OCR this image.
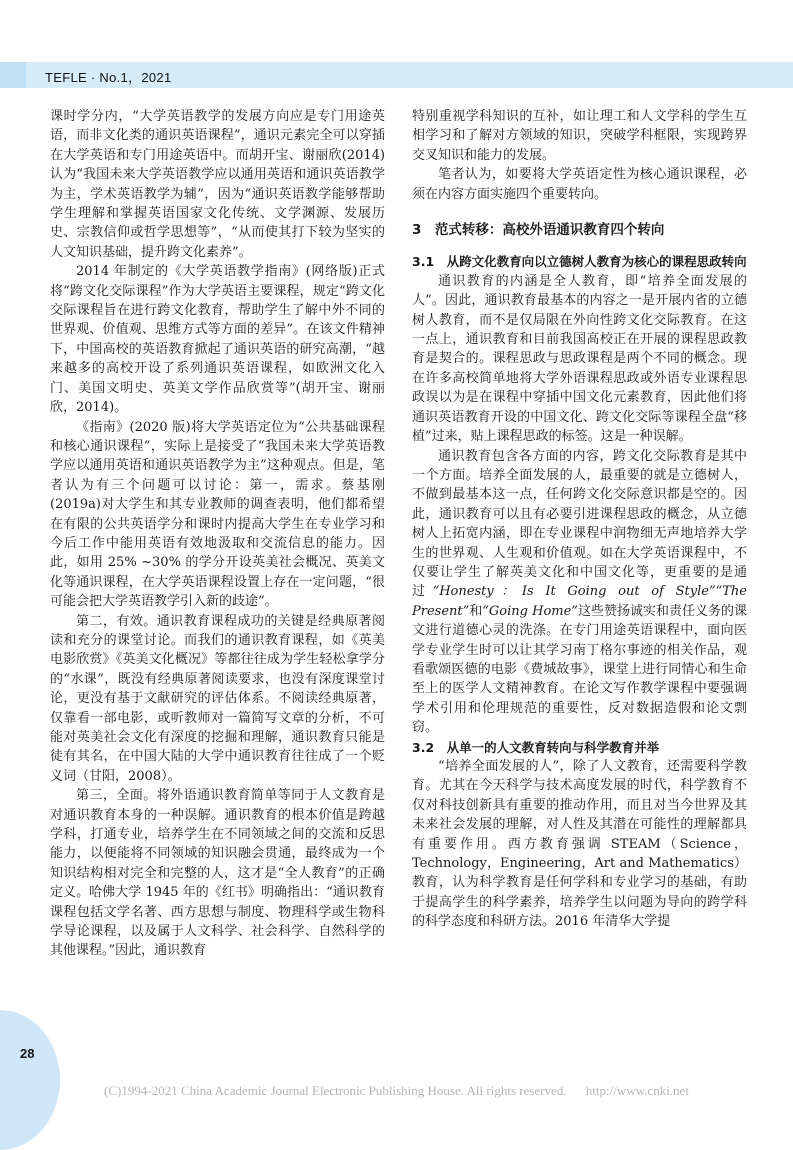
TEFLE · No.1，2021

课时学分内，“大学英语教学的发展方向应是专门用途英语，而非文化类的通识英语课程”，通识元素完全可以穿插在大学英语和专门用途英语中。而胡开宝、谢丽欣(2014)认为“我国未来大学英语教学应以通用英语和通识英语教学为主，学术英语教学为辅”，因为“通识英语教学能够帮助学生理解和掌握英语国家文化传统、文学渊源、发展历史、宗教信仰或哲学思想等”，“从而使其打下较为坚实的人文知识基础，提升跨文化素养”。

2014 年制定的《大学英语教学指南》(网络版)正式将“跨文化交际课程”作为大学英语主要课程，规定“跨文化交际课程旨在进行跨文化教育，帮助学生了解中外不同的世界观、价值观、思维方式等方面的差异”。在该文件精神下，中国高校的英语教育掀起了通识英语的研究高潮，“越来越多的高校开设了系列通识英语课程，如欧洲文化入门、美国文明史、英美文学作品欣赏等”(胡开宝、谢丽欣，2014)。

《指南》(2020 版)将大学英语定位为“公共基础课程和核心通识课程”，实际上是接受了“我国未来大学英语教学应以通用英语和通识英语教学为主”这种观点。但是，笔者认为有三个问题可以讨论：第一，需求。蔡基刚(2019a)对大学生和其专业教师的调查表明，他们都希望在有限的公共英语学分和课时内提高大学生在专业学习和今后工作中能用英语有效地汲取和交流信息的能力。因此，如用 25% ~30% 的学分开设英美社会概况、英美文化等通识课程，在大学英语课程设置上存在一定问题，“很可能会把大学英语教学引入新的歧途”。

第二，有效。通识教育课程成功的关键是经典原著阅读和充分的课堂讨论。而我们的通识教育课程，如《英美电影欣赏》《英美文化概况》等都往往成为学生轻松拿学分的“水课”，既没有经典原著阅读要求，也没有深度课堂讨论，更没有基于文献研究的评估体系。不阅读经典原著，仅靠看一部电影，或听教师对一篇简写文章的分析，不可能对英美社会文化有深度的挖掘和理解，通识教育只能是徒有其名，在中国大陆的大学中通识教育往往成了一个贬义词（甘阳，2008）。

第三，全面。将外语通识教育简单等同于人文教育是对通识教育本身的一种误解。通识教育的根本价值是跨越学科，打通专业，培养学生在不同领域之间的交流和反思能力，以便能将不同领域的知识融会贯通，最终成为一个知识结构相对完全和完整的人，这才是“全人教育”的正确定义。哈佛大学 1945 年的《红书》明确指出：“通识教育课程包括文学名著、西方思想与制度、物理科学或生物科学导论课程，以及属于人文科学、社会科学、自然科学的其他课程。”因此，通识教育

特别重视学科知识的互补，如让理工和人文学科的学生互相学习和了解对方领域的知识，突破学科框限，实现跨界交叉知识和能力的发展。

笔者认为，如要将大学英语定性为核心通识课程，必须在内容方面实施四个重要转向。

3　范式转移：高校外语通识教育四个转向
3.1　从跨文化教育向以立德树人教育为核心的课程思政转向

通识教育的内涵是全人教育，即“培养全面发展的人”。因此，通识教育最基本的内容之一是开展内省的立德树人教育，而不是仅局限在外向性跨文化交际教育。在这一点上，通识教育和目前我国高校正在开展的课程思政教育是契合的。课程思政与思政课程是两个不同的概念。现在许多高校简单地将大学外语课程思政或外语专业课程思政误以为是在课程中穿插中国文化元素教育，因此他们将通识英语教育开设的中国文化、跨文化交际等课程全盘“移植”过来，贴上课程思政的标签。这是一种误解。

通识教育包含各方面的内容，跨文化交际教育是其中一个方面。培养全面发展的人，最重要的就是立德树人，不做到最基本这一点，任何跨文化交际意识都是空的。因此，通识教育可以且有必要引进课程思政的概念，从立德树人上拓宽内涵，即在专业课程中润物细无声地培养大学生的世界观、人生观和价值观。如在大学英语课程中，不仅要让学生了解英美文化和中国文化等，更重要的是通过“Honesty：Is It Going out of Style”“The Present”和“Going Home”这些赞扬诚实和责任义务的课文进行道德心灵的洗涤。在专门用途英语课程中，面向医学专业学生时可以让其学习南丁格尔事迹的相关作品，观看歌颂医德的电影《费城故事》，课堂上进行同情心和生命至上的医学人文精神教育。在论文写作教学课程中要强调学术引用和伦理规范的重要性，反对数据造假和论文剽窃。

3.2　从单一的人文教育转向与科学教育并举

“培养全面发展的人”，除了人文教育，还需要科学教育。尤其在今天科学与技术高度发展的时代，科学教育不仅对科技创新具有重要的推动作用，而且对当今世界及其未来社会发展的理解，对人性及其潜在可能性的理解都具有重要作用。西方教育强调 STEAM（Science，Technology，Engineering，Art and Mathematics）教育，认为科学教育是任何学科和专业学习的基础，有助于提高学生的科学素养，培养学生以问题为导向的跨学科的科学态度和科研方法。2016 年清华大学提

28
(C)1994-2021 China Academic Journal Electronic Publishing House. All rights reserved. http://www.cnki.net
